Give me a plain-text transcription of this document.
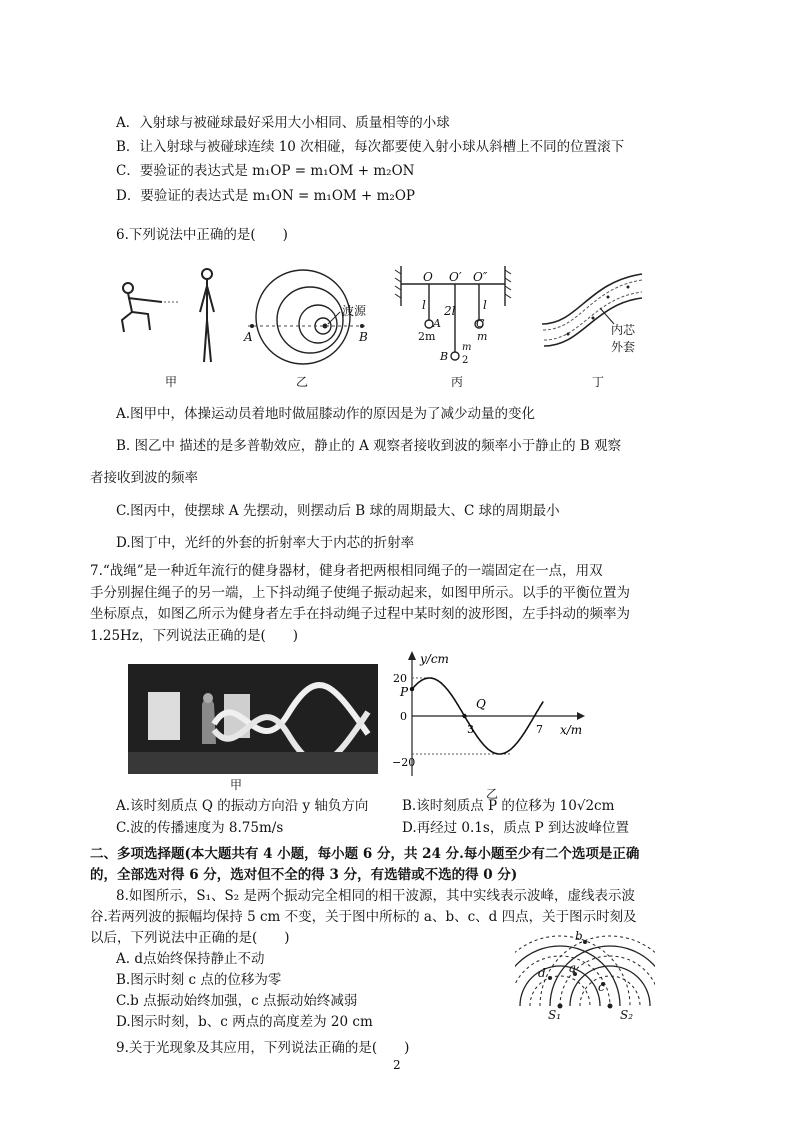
A．入射球与被碰球最好采用大小相同、质量相等的小球
B．让入射球与被碰球连续 10 次相碰，每次都要使入射小球从斜槽上不同的位置滚下
C．要验证的表达式是 m₁OP = m₁OM + m₂ON
D．要验证的表达式是 m₁ON = m₁OM + m₂OP
6.下列说法中正确的是(　　)
甲
波源
A	B
乙
O O′ O″
l 2l l
A
2m
C
m
B
m
2
丙
内芯
外套
丁
A.图甲中，体操运动员着地时做屈膝动作的原因是为了减少动量的变化
B. 图乙中 描述的是多普勒效应，静止的 A 观察者接收到波的频率小于静止的 B 观察
者接收到波的频率
C.图丙中，使摆球 A 先摆动，则摆动后 B 球的周期最大、C 球的周期最小
D.图丁中，光纤的外套的折射率大于内芯的折射率
7.“战绳”是一种近年流行的健身器材，健身者把两根相同绳子的一端固定在一点，用双
手分别握住绳子的另一端，上下抖动绳子使绳子振动起来，如图甲所示。以手的平衡位置为
坐标原点，如图乙所示为健身者左手在抖动绳子过程中某时刻的波形图，左手抖动的频率为
1.25Hz，下列说法正确的是(　　)
甲
y/cm
x/m
20
0
−20
3	7
P
Q
乙
A.该时刻质点 Q 的振动方向沿 y 轴负方向 B.该时刻质点 P 的位移为 10√2cm
C.波的传播速度为 8.75m/s	D.再经过 0.1s，质点 P 到达波峰位置
二、多项选择题(本大题共有 4 小题，每小题 6 分，共 24 分.每小题至少有二个选项是正确
的，全部选对得 6 分，选对但不全的得 3 分，有选错或不选的得 0 分)
8.如图所示，S₁、S₂ 是两个振动完全相同的相干波源，其中实线表示波峰，虚线表示波
谷.若两列波的振幅均保持 5 cm 不变，关于图中所标的 a、b、c、d 四点，关于图示时刻及
以后，下列说法中正确的是(　　)
A. d点始终保持静止不动
B.图示时刻 c 点的位移为零
C.b 点振动始终加强，c 点振动始终减弱
D.图示时刻，b、c 两点的高度差为 20 cm
b
a
c
d
S₁	S₂
9.关于光现象及其应用，下列说法正确的是(　　)
2
